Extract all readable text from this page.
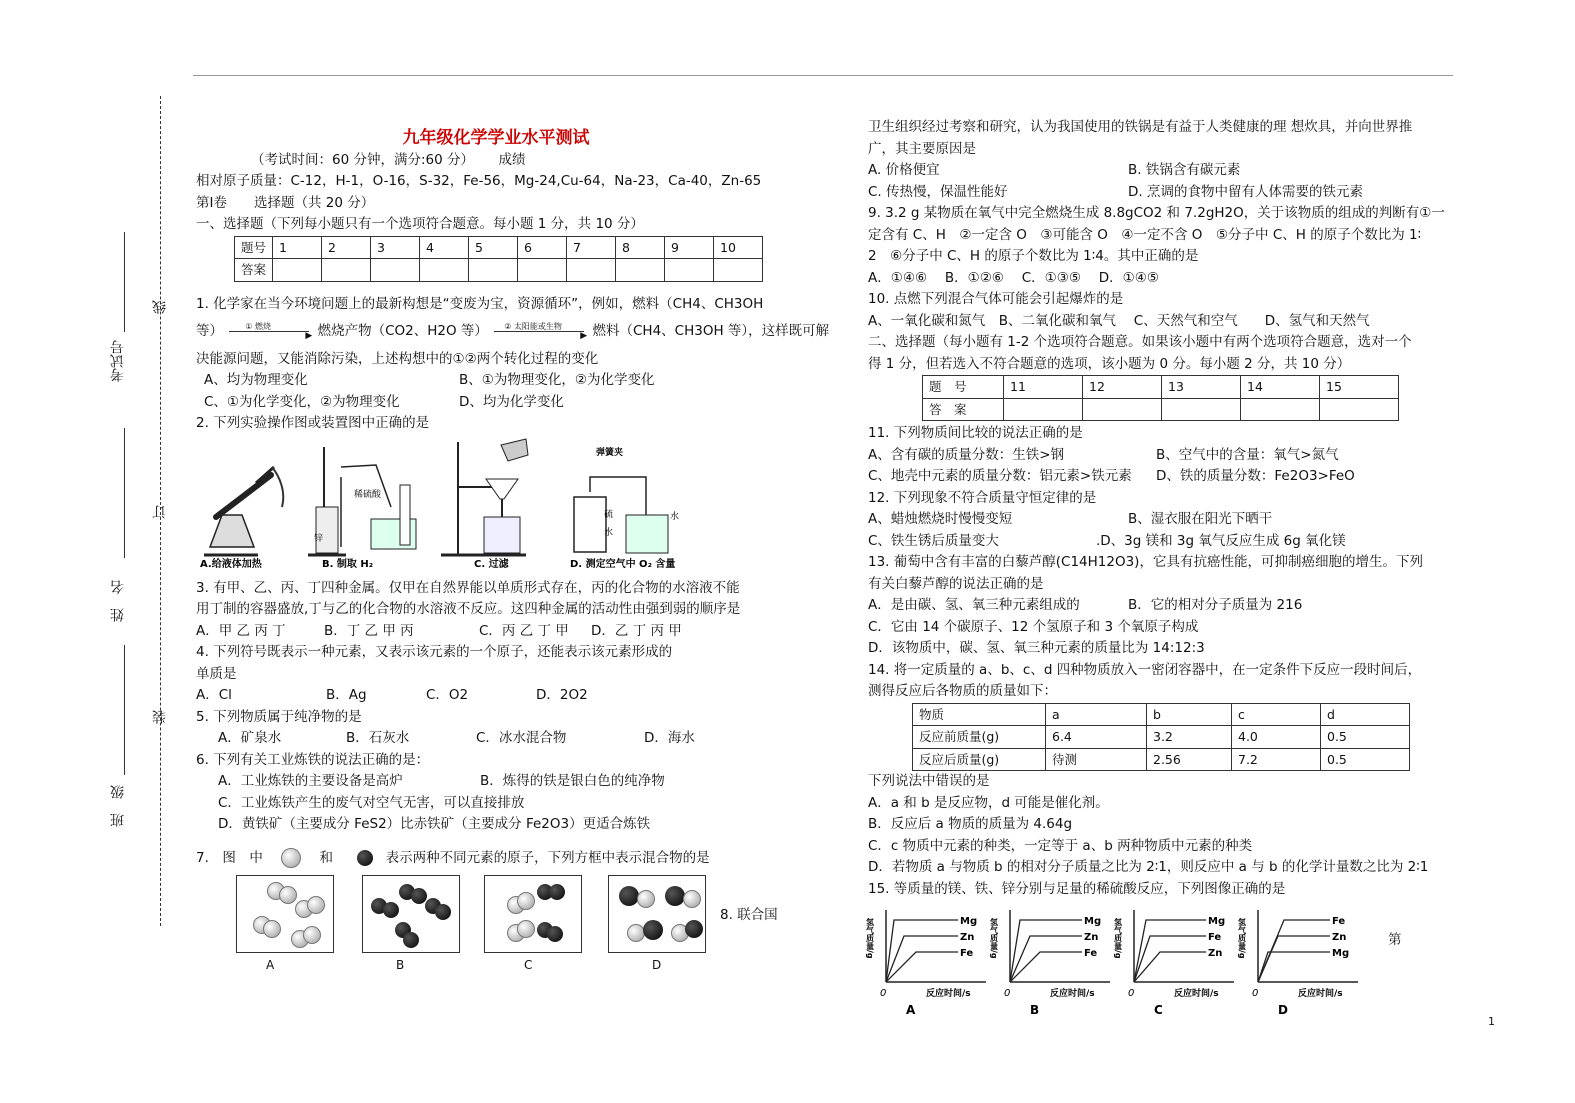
考试号
姓　名
班　级
线
订
装

九年级化学学业水平测试

（考试时间：60 分钟，满分:60 分）　　 成绩

相对原子质量：C-12，H-1，O-16，S-32，Fe-56，Mg-24,Cu-64，Na-23，Ca-40，Zn-65

第Ⅰ卷　　选择题（共 20 分）

一、选择题（下列每小题只有一个选项符合题意。每小题 1 分，共 10 分）

题号	1	2	3	4	5	6	7	8	9	10
答案										

1. 化学家在当今环境问题上的最新构想是“变废为宝，资源循环”，例如，燃料（CH4、CH3OH

等）	① 燃烧
▶ 燃烧产物（CO2、H2O 等） ② 太阳能或生物
▶ 燃料（CH4、CH3OH 等），这样既可解

决能源问题，又能消除污染，上述构想中的①②两个转化过程的变化

A、均为物理变化	B、①为物理变化，②为化学变化
C、①为化学变化，②为物理变化	D、均为化学变化

2. 下列实验操作图或装置图中正确的是

A.给液体加热
锌
稀硫酸
B. 制取 H₂	C. 过滤
弹簧夹
硫
水
水
D. 测定空气中 O₂ 含量

3. 有甲、乙、丙、丁四种金属。仅甲在自然界能以单质形式存在，丙的化合物的水溶液不能

用丁制的容器盛放,丁与乙的化合物的水溶液不反应。这四种金属的活动性由强到弱的顺序是

A．甲 乙 丙 丁	B．丁 乙 甲 丙	C．丙 乙 丁 甲	D．乙 丁 丙 甲

4. 下列符号既表示一种元素，又表示该元素的一个原子，还能表示该元素形成的

单质是

A．Cl	B．Ag	C．O2	D．2O2

5. 下列物质属于纯净物的是

A．矿泉水	B．石灰水	C．冰水混合物	D．海水

6. 下列有关工业炼铁的说法正确的是：

A．工业炼铁的主要设备是高炉	B．炼得的铁是银白色的纯净物

C．工业炼铁产生的废气对空气无害，可以直接排放

D．黄铁矿（主要成分 FeS2）比赤铁矿（主要成分 Fe2O3）更适合炼铁

7.　图　中	和	表示两种不同元素的原子，下列方框中表示混合物的是

A	B	C	D
8. 联合国

卫生组织经过考察和研究，认为我国使用的铁锅是有益于人类健康的理 想炊具，并向世界推

广，其主要原因是

A. 价格便宜	B. 铁锅含有碳元素
C. 传热慢，保温性能好	D. 烹调的食物中留有人体需要的铁元素

9. 3.2 g 某物质在氧气中完全燃烧生成 8.8gCO2 和 7.2gH2O，关于该物质的组成的判断有①一

定含有 C、H　②一定含 O　③可能含 O　④一定不含 O　⑤分子中 C、H 的原子个数比为 1∶

2　⑥分子中 C、H 的原子个数比为 1∶4。其中正确的是

A．①④⑥　 B．①②⑥　 C．①③⑤　 D．①④⑤

10. 点燃下列混合气体可能会引起爆炸的是

A、一氧化碳和氮气　B、二氧化碳和氧气　 C、天然气和空气　　D、氢气和天然气

二、选择题（每小题有 1-2 个选项符合题意。如果该小题中有两个选项符合题意，选对一个

得 1 分，但若选入不符合题意的选项，该小题为 0 分。每小题 2 分，共 10 分）

题　号	11	12	13	14	15
答　案					

11. 下列物质间比较的说法正确的是

A、含有碳的质量分数：生铁>钢	B、空气中的含量：氧气>氮气
C、地壳中元素的质量分数：铝元素>铁元素	D、铁的质量分数：Fe2O3>FeO

12. 下列现象不符合质量守恒定律的是

A、蜡烛燃烧时慢慢变短	B、湿衣服在阳光下晒干
C、铁生锈后质量变大	.D、3g 镁和 3g 氧气反应生成 6g 氧化镁

13. 葡萄中含有丰富的白藜芦醇(C14H12O3)，它具有抗癌性能，可抑制癌细胞的增生。下列

有关白藜芦醇的说法正确的是

A．是由碳、氢、氧三种元素组成的	B．它的相对分子质量为 216

C．它由 14 个碳原子、12 个氢原子和 3 个氧原子构成

D．该物质中，碳、氢、氧三种元素的质量比为 14:12:3

14. 将一定质量的 a、b、c、d 四种物质放入一密闭容器中，在一定条件下反应一段时间后，

测得反应后各物质的质量如下：

物质	a	b	c	d
反应前质量(g)	6.4	3.2	4.0	0.5
反应后质量(g)	待测	2.56	7.2	0.5

下列说法中错误的是

A．a 和 b 是反应物，d 可能是催化剂。

B．反应后 a 物质的质量为 4.64g

C．c 物质中元素的种类，一定等于 a、b 两种物质中元素的种类

D．若物质 a 与物质 b 的相对分子质量之比为 2∶1，则反应中 a 与 b 的化学计量数之比为 2∶1

15. 等质量的镁、铁、锌分别与足量的稀硫酸反应，下列图像正确的是

Mg
Zn
Fe
氢气质量/g
0	反应时间/s
A
Mg
Zn
Fe
氢气质量/g
0	反应时间/s
B
Mg
Fe
Zn
氢气质量/g
0	反应时间/s
C
Fe
Zn
Mg
氢气质量/g
0	反应时间/s
D
第
1
